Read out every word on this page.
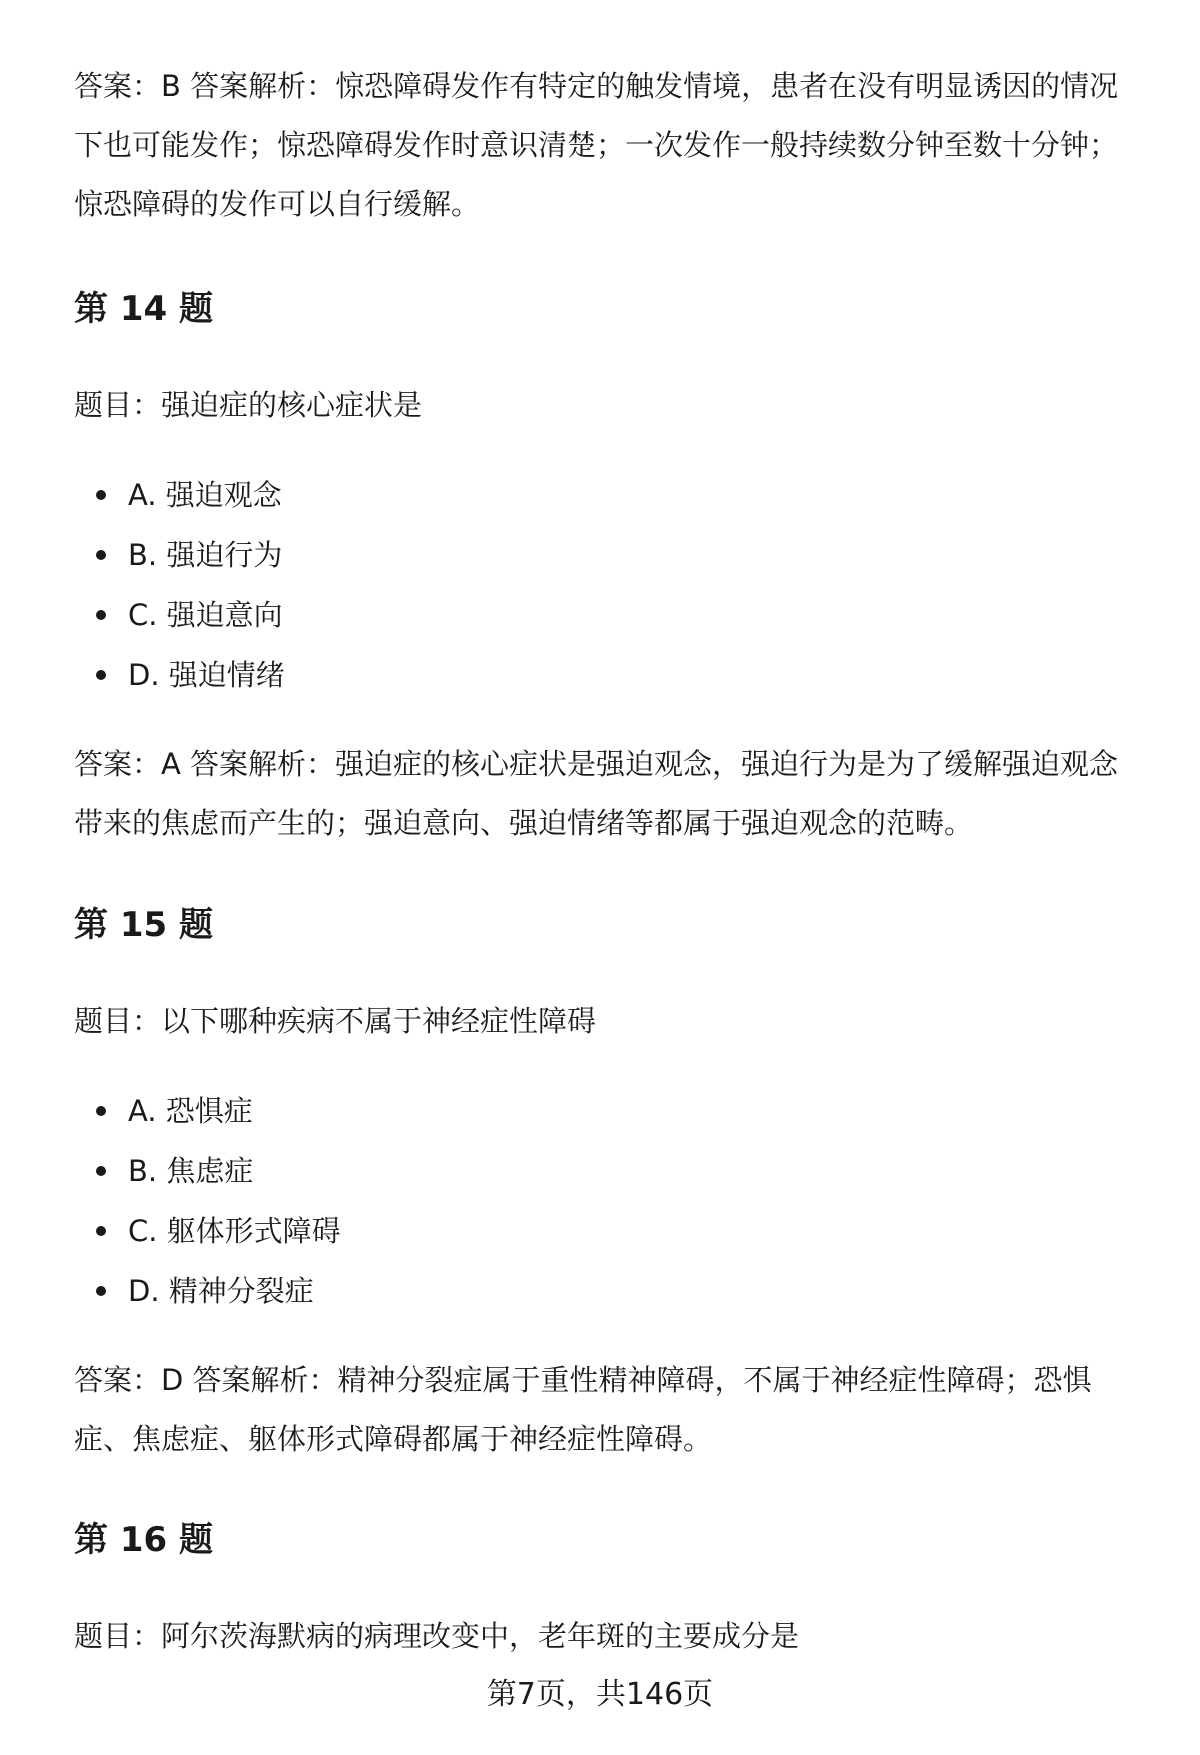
答案：B 答案解析：惊恐障碍发作有特定的触发情境，患者在没有明显诱因的情况
下也可能发作；惊恐障碍发作时意识清楚；一次发作一般持续数分钟至数十分钟；
惊恐障碍的发作可以自行缓解。
第 14 题

题目：强迫症的核心症状是

A. 强迫观念
B. 强迫行为
C. 强迫意向
D. 强迫情绪
答案：A 答案解析：强迫症的核心症状是强迫观念，强迫行为是为了缓解强迫观念
带来的焦虑而产生的；强迫意向、强迫情绪等都属于强迫观念的范畴。
第 15 题

题目：以下哪种疾病不属于神经症性障碍

A. 恐惧症
B. 焦虑症
C. 躯体形式障碍
D. 精神分裂症
答案：D 答案解析：精神分裂症属于重性精神障碍，不属于神经症性障碍；恐惧
症、焦虑症、躯体形式障碍都属于神经症性障碍。
第 16 题

题目：阿尔茨海默病的病理改变中，老年斑的主要成分是

第7页，共146页
